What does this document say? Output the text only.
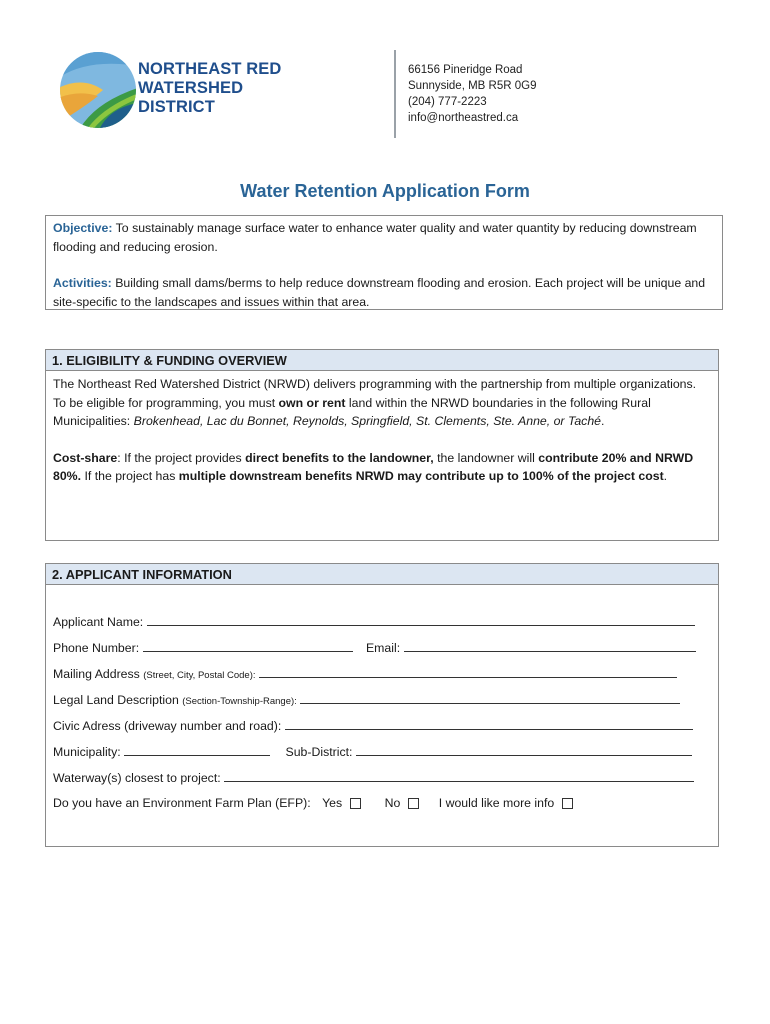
NORTHEAST RED
WATERSHED
DISTRICT
66156 Pineridge Road
Sunnyside, MB R5R 0G9
(204) 777-2223
info@northeastred.ca
Water Retention Application Form

Objective: To sustainably manage surface water to enhance water quality and water quantity by reducing downstream flooding and reducing erosion.

Activities: Building small dams/berms to help reduce downstream flooding and erosion. Each project will be unique and site-specific to the landscapes and issues within that area.

1. ELIGIBILITY & FUNDING OVERVIEW

The Northeast Red Watershed District (NRWD) delivers programming with the partnership from multiple organizations. To be eligible for programming, you must own or rent land within the NRWD boundaries in the following Rural Municipalities: Brokenhead, Lac du Bonnet, Reynolds, Springfield, St. Clements, Ste. Anne, or Taché.

Cost-share: If the project provides direct benefits to the landowner, the landowner will contribute 20% and NRWD 80%. If the project has multiple downstream benefits NRWD may contribute up to 100% of the project cost.

2. APPLICANT INFORMATION
Applicant Name:
Phone Number:	Email:
Mailing Address (Street, City, Postal Code):
Legal Land Description (Section-Township-Range):
Civic Adress (driveway number and road):
Municipality:	Sub-District:
Waterway(s) closest to project:
Do you have an Environment Farm Plan (EFP): Yes	No	I would like more info
